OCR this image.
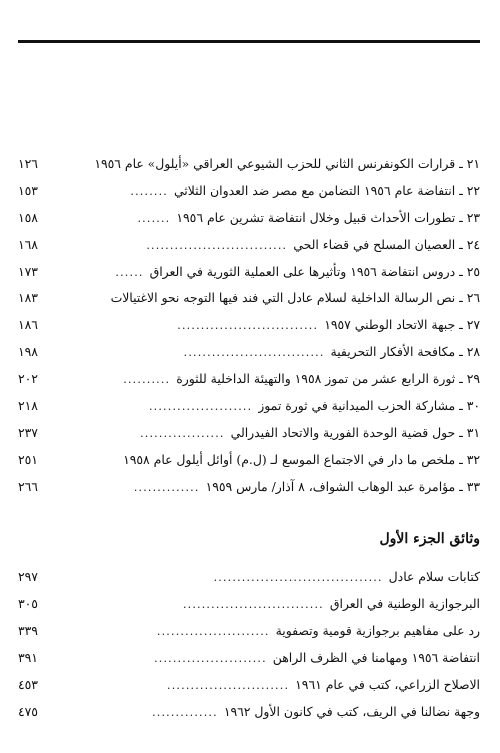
٢١ ـ قرارات الكونفرنس الثاني للحزب الشيوعي العراقي «أيلول» عام ١٩٥٦
١٢٦
٢٢ ـ انتفاضة عام ١٩٥٦ التضامن مع مصر ضد العدوان الثلاثي
........
١٥٣
٢٣ ـ تطورات الأحداث قبيل وخلال انتفاضة تشرين عام ١٩٥٦
.......
١٥٨
٢٤ ـ العصيان المسلح في قضاء الحي
..............................
١٦٨
٢٥ ـ دروس انتفاضة ١٩٥٦ وتأثيرها على العملية الثورية في العراق
......
١٧٣
٢٦ ـ نص الرسالة الداخلية لسلام عادل التي فند فيها التوجه نحو الاغتيالات
١٨٣
٢٧ ـ جبهة الاتحاد الوطني ١٩٥٧
..............................
١٨٦
٢٨ ـ مكافحة الأفكار التحريفية
..............................
١٩٨
٢٩ ـ ثورة الرابع عشر من تموز ١٩٥٨ والتهيئة الداخلية للثورة
..........
٢٠٢
٣٠ ـ مشاركة الحزب الميدانية في ثورة تموز
......................
٢١٨
٣١ ـ حول قضية الوحدة الفورية والاتحاد الفيدرالي
..................
٢٣٧
٣٢ ـ ملخص ما دار في الاجتماع الموسع لـ (ل.م) أوائل أيلول عام ١٩٥٨
٢٥١
٣٣ ـ مؤامرة عبد الوهاب الشواف، ٨ آذار/ مارس ١٩٥٩
..............
٢٦٦
وثائق الجزء الأول
كتابات سلام عادل
....................................
٢٩٧
البرجوازية الوطنية في العراق
..............................
٣٠٥
رد على مفاهيم برجوازية قومية وتصفوية
........................
٣٣٩
انتفاضة ١٩٥٦ ومهامنا في الظرف الراهن
........................
٣٩١
الاصلاح الزراعي، كتب في عام ١٩٦١
..........................
٤٥٣
وجهة نضالنا في الريف، كتب في كانون الأول ١٩٦٢
..............
٤٧٥
